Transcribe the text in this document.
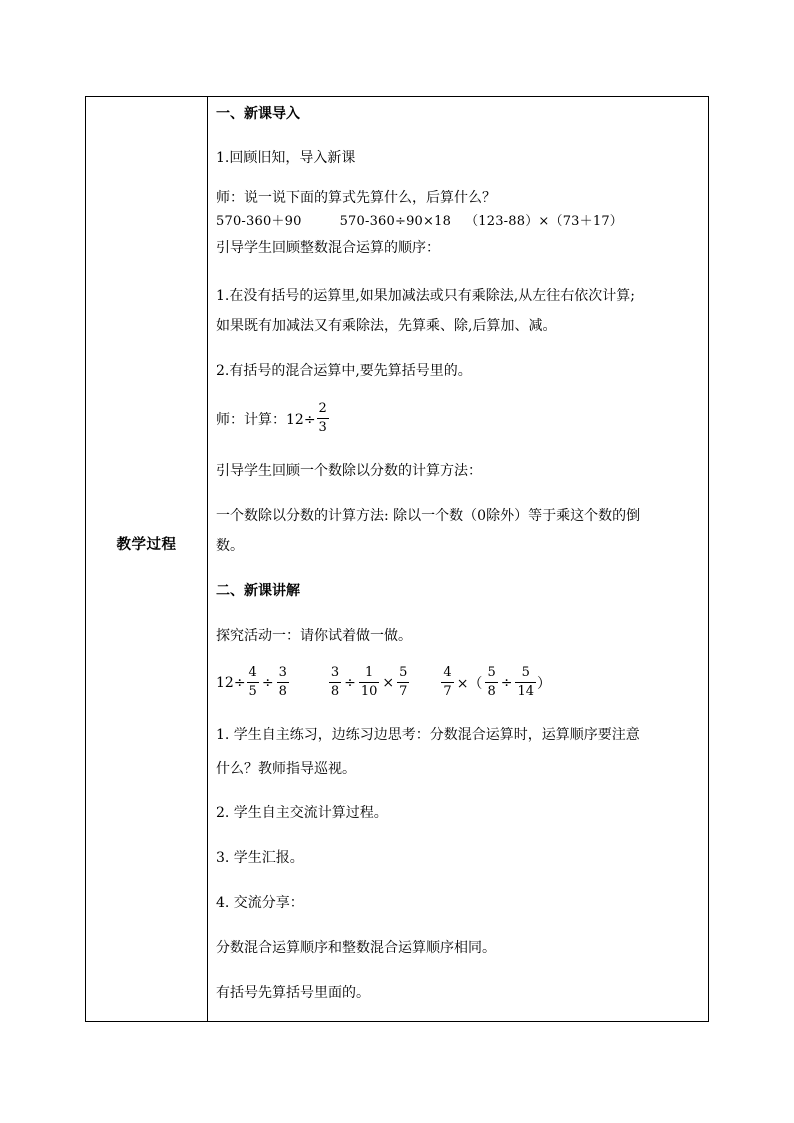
教学过程	
一、新课导入
1.回顾旧知，导入新课
师：说一说下面的算式先算什么，后算什么？
570-360＋90	570-360÷90×18 （123-88）×（73＋17）
引导学生回顾整数混合运算的顺序：
1.在没有括号的运算里,如果加减法或只有乘除法,从左往右依次计算;
如果既有加减法又有乘除法，先算乘、除,后算加、减。
2.有括号的混合运算中,要先算括号里的。
师：计算：$12\div \frac{2}{3}$
引导学生回顾一个数除以分数的计算方法：
一个数除以分数的计算方法: 除以一个数（0除外）等于乘这个数的倒
数。
二、新课讲解
探究活动一：请你试着做一做。
$12\div \frac{4}{5} \div \frac{3}{8}$	$\frac{3}{8} \div \frac{1}{10} \times \frac{5}{7} \frac{4}{7}$ ×（ $\frac{5}{8} \div \frac{5}{14}$ ）
1. 学生自主练习，边练习边思考：分数混合运算时，运算顺序要注意
什么？教师指导巡视。
2. 学生自主交流计算过程。
3. 学生汇报。
4. 交流分享：
分数混合运算顺序和整数混合运算顺序相同。
有括号先算括号里面的。
